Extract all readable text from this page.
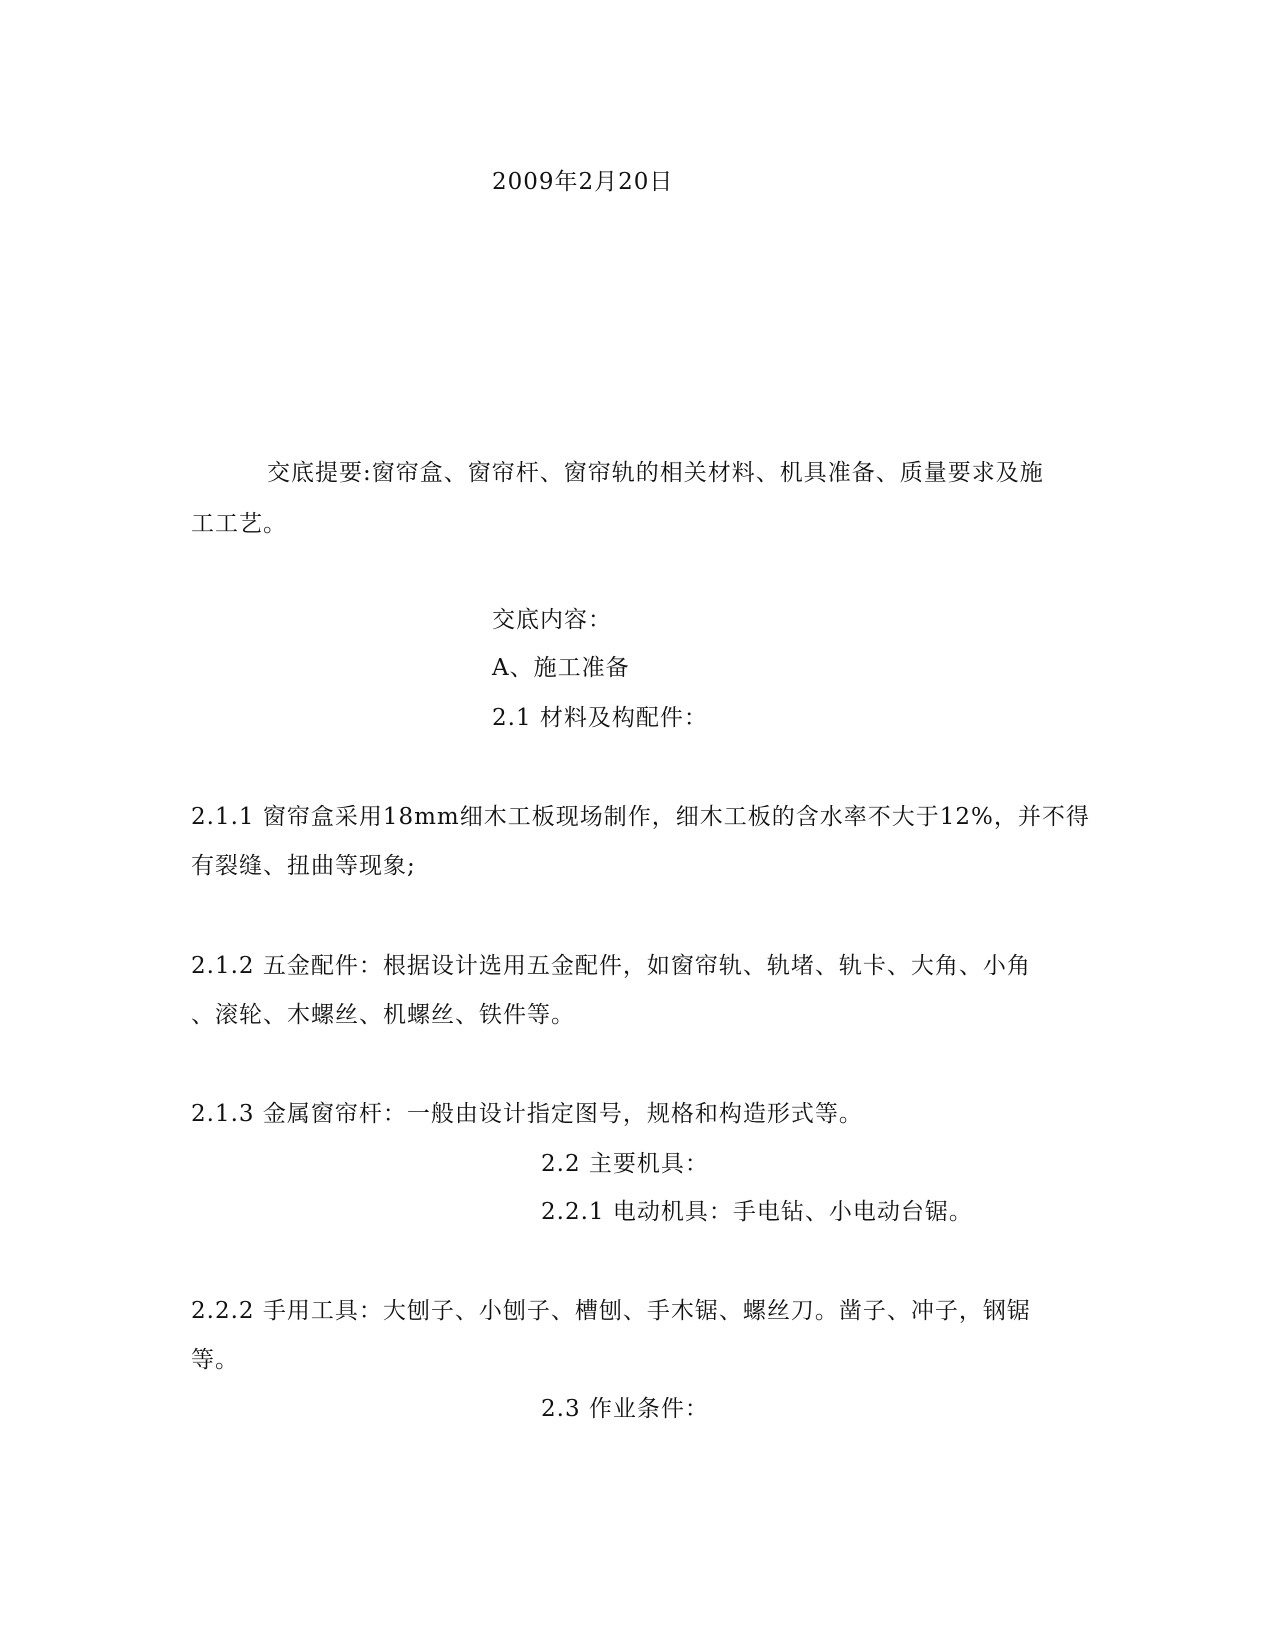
2009年2月20日
交底提要:窗帘盒、窗帘杆、窗帘轨的相关材料、机具准备、质量要求及施
工工艺。
交底内容：
A、施工准备
2.1 材料及构配件：
2.1.1 窗帘盒采用18mm细木工板现场制作，细木工板的含水率不大于12%，并不得
有裂缝、扭曲等现象;
2.1.2 五金配件：根据设计选用五金配件，如窗帘轨、轨堵、轨卡、大角、小角
、滚轮、木螺丝、机螺丝、铁件等。
2.1.3 金属窗帘杆：一般由设计指定图号，规格和构造形式等。
2.2 主要机具：
2.2.1 电动机具：手电钻、小电动台锯。
2.2.2 手用工具：大刨子、小刨子、槽刨、手木锯、螺丝刀。凿子、冲子，钢锯
等。
2.3 作业条件：
